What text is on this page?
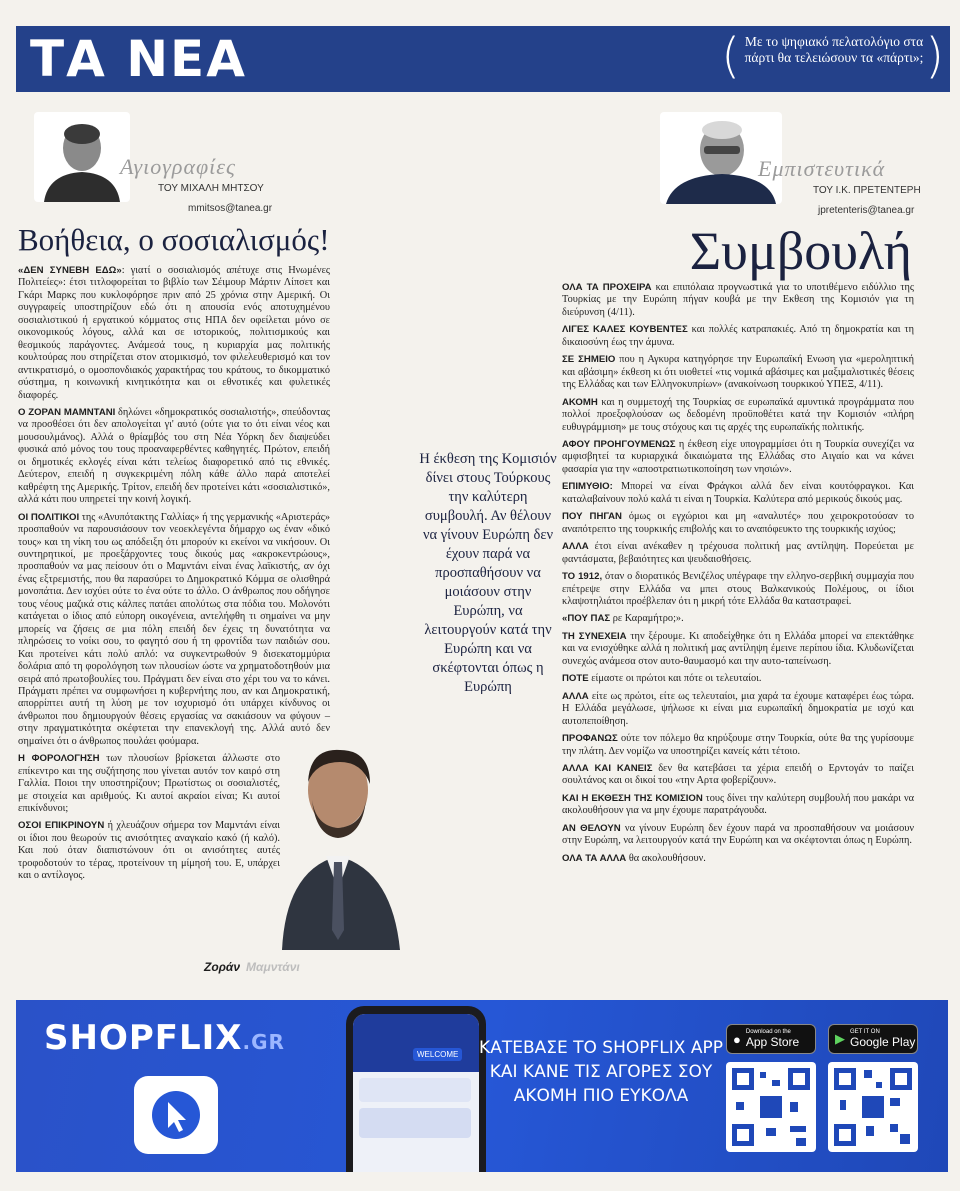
ΤΑ ΝΕΑ	( Με το ψηφιακό πελατολόγιο στα πάρτι θα τελειώσουν τα «πάρτι»; )
Αγιογραφίες
ΤΟΥ ΜΙΧΑΛΗ ΜΗΤΣΟΥ
mmitsos@tanea.gr
Εμπιστευτικά
ΤΟΥ Ι.Κ. ΠΡΕΤΕΝΤΕΡΗ
jpretenteris@tanea.gr
Βοήθεια, ο σοσιαλισμός!	Συμβουλή

«ΔΕΝ ΣΥΝΕΒΗ ΕΔΩ»: γιατί ο σοσιαλισμός απέτυχε στις Ηνωμένες Πολιτείες»: έτσι τιτλοφορείται το βιβλίο των Σέιμουρ Μάρτιν Λίπσετ και Γκάρι Μαρκς που κυκλοφόρησε πριν από 25 χρόνια στην Αμερική. Οι συγγραφείς υποστηρίζουν εδώ ότι η απουσία ενός αποτυχημένου σοσιαλιστικού ή εργατικού κόμματος στις ΗΠΑ δεν οφείλεται μόνο σε οικονομικούς λόγους, αλλά και σε ιστορικούς, πολιτισμικούς και θεσμικούς παράγοντες. Ανάμεσά τους, η κυριαρχία μας πολιτικής κουλτούρας που στηρίζεται στον ατομικισμό, τον φιλελευθερισμό και τον αντικρατισμό, ο ομοσπονδιακός χαρακτήρας του κράτους, το δικομματικό σύστημα, η κοινωνική κινητικότητα και οι εθνοτικές και φυλετικές διαφορές.

Ο ΖΟΡΑΝ ΜΑΜΝΤΑΝΙ δηλώνει «δημοκρατικός σοσιαλιστής», σπεύδοντας να προσθέσει ότι δεν απολογείται γι' αυτό (ούτε για το ότι είναι νέος και μουσουλμάνος). Αλλά ο θρίαμβός του στη Νέα Υόρκη δεν διαψεύδει φυσικά από μόνος του τους προαναφερθέντες καθηγητές. Πρώτον, επειδή οι δημοτικές εκλογές είναι κάτι τελείως διαφορετικό από τις εθνικές. Δεύτερον, επειδή η συγκεκριμένη πόλη κάθε άλλο παρά αποτελεί καθρέφτη της Αμερικής. Τρίτον, επειδή δεν προτείνει κάτι «σοσιαλιστικό», αλλά κάτι που υπηρετεί την κοινή λογική.

ΟΙ ΠΟΛΙΤΙΚΟΙ της «Ανυπότακτης Γαλλίας» ή της γερμανικής «Αριστεράς» προσπαθούν να παρουσιάσουν τον νεοεκλεγέντα δήμαρχο ως έναν «δικό τους» και τη νίκη του ως απόδειξη ότι μπορούν κι εκείνοι να νικήσουν. Οι συντηρητικοί, με προεξάρχοντες τους δικούς μας «ακροκεντρώους», προσπαθούν να μας πείσουν ότι ο Μαμντάνι είναι ένας λαϊκιστής, αν όχι ένας εξτρεμιστής, που θα παρασύρει το Δημοκρατικό Κόμμα σε ολισθηρά μονοπάτια. Δεν ισχύει ούτε το ένα ούτε το άλλο. Ο άνθρωπος που οδήγησε τους νέους μαζικά στις κάλπες πατάει απολύτως στα πόδια του. Μολονότι κατάγεται ο ίδιος από εύπορη οικογένεια, αντελήφθη τι σημαίνει να μην μπορείς να ζήσεις σε μια πόλη επειδή δεν έχεις τη δυνατότητα να πληρώσεις το νοίκι σου, το φαγητό σου ή τη φροντίδα των παιδιών σου. Και προτείνει κάτι πολύ απλό: να συγκεντρωθούν 9 δισεκατομμύρια δολάρια από τη φορολόγηση των πλουσίων ώστε να χρηματοδοτηθούν μια σειρά από πρωτοβουλίες του. Πράγματι δεν είναι στο χέρι του να το κάνει. Πράγματι πρέπει να συμφωνήσει η κυβερνήτης που, αν και Δημοκρατική, απορρίπτει αυτή τη λύση με τον ισχυρισμό ότι υπάρχει κίνδυνος οι άνθρωποι που δημιουργούν θέσεις εργασίας να σακιάσουν να φύγουν – στην πραγματικότητα σκέφτεται την επανεκλογή της. Αλλά αυτό δεν σημαίνει ότι ο άνθρωπος πουλάει φούμαρα.

Η ΦΟΡΟΛΟΓΗΣΗ των πλουσίων βρίσκεται άλλωστε στο επίκεντρο και της συζήτησης που γίνεται αυτόν τον καιρό στη Γαλλία. Ποιοι την υποστηρίζουν; Πρωτίστως οι σοσιαλιστές, με στοιχεία και αριθμούς. Κι αυτοί ακραίοι είναι; Κι αυτοί επικίνδυνοι;

ΟΣΟΙ ΕΠΙΚΡΙΝΟΥΝ ή χλευάζουν σήμερα τον Μαμντάνι είναι οι ίδιοι που θεωρούν τις ανισότητες αναγκαίο κακό (ή καλό). Και πού όταν διαπιστώνουν ότι οι ανισότητες αυτές τροφοδοτούν το τέρας, προτείνουν τη μίμησή του. Ε, υπάρχει και ο αντίλογος.

Ζοράν Μαμντάνι
Η έκθεση της Κομισιόν δίνει στους Τούρκους την καλύτερη συμβουλή. Αν θέλουν να γίνουν Ευρώπη δεν έχουν παρά να προσπαθήσουν να μοιάσουν στην Ευρώπη, να λειτουργούν κατά την Ευρώπη και να σκέφτονται όπως η Ευρώπη

ΟΛΑ ΤΑ ΠΡΟΧΕΙΡΑ και επιπόλαια προγνωστικά για το υποτιθέμενο ειδύλλιο της Τουρκίας με την Ευρώπη πήγαν κουβά με την Εκθεση της Κομισιόν για τη διεύρυνση (4/11).

ΛΙΓΕΣ ΚΑΛΕΣ ΚΟΥΒΕΝΤΕΣ και πολλές κατραπακιές. Από τη δημοκρατία και τη δικαιοσύνη έως την άμυνα.

ΣΕ ΣΗΜΕΙΟ που η Αγκυρα κατηγόρησε την Ευρωπαϊκή Ενωση για «μεροληπτική και αβάσιμη» έκθεση κι ότι υιοθετεί «τις νομικά αβάσιμες και μαξιμαλιστικές θέσεις της Ελλάδας και των Ελληνοκυπρίων» (ανακοίνωση τουρκικού ΥΠΕΞ, 4/11).

ΑΚΟΜΗ και η συμμετοχή της Τουρκίας σε ευρωπαϊκά αμυντικά προγράμματα που πολλοί προεξοφλούσαν ως δεδομένη προϋποθέτει κατά την Κομισιόν «πλήρη ευθυγράμμιση» με τους στόχους και τις αρχές της ευρωπαϊκής πολιτικής.

ΑΦΟΥ ΠΡΟΗΓΟΥΜΕΝΩΣ η έκθεση είχε υπογραμμίσει ότι η Τουρκία συνεχίζει να αμφισβητεί τα κυριαρχικά δικαιώματα της Ελλάδας στο Αιγαίο και να κάνει φασαρία για την «αποστρατιωτικοποίηση των νησιών».

ΕΠΙΜΥΘΙΟ: Μπορεί να είναι Φράγκοι αλλά δεν είναι κουτόφραγκοι. Και καταλαβαίνουν πολύ καλά τι είναι η Τουρκία. Καλύτερα από μερικούς δικούς μας.

ΠΟΥ ΠΗΓΑΝ όμως οι εγχώριοι και μη «αναλυτές» που χειροκροτούσαν το αναπότρεπτο της τουρκικής επιβολής και το αναπόφευκτο της τουρκικής ισχύος;

ΑΛΛΑ έτσι είναι ανέκαθεν η τρέχουσα πολιτική μας αντίληψη. Πορεύεται με φαντάσματα, βεβαιότητες και ψευδαισθήσεις.

ΤΟ 1912, όταν ο διορατικός Βενιζέλος υπέγραφε την ελληνο-σερβική συμμαχία που επέτρεψε στην Ελλάδα να μπει στους Βαλκανικούς Πολέμους, οι ίδιοι κλαψοτηλιάτοι προέβλεπαν ότι η μικρή τότε Ελλάδα θα καταστραφεί.

«ΠΟΥ ΠΑΣ ρε Καραμήτρο;».

ΤΗ ΣΥΝΕΧΕΙΑ την ξέρουμε. Κι αποδείχθηκε ότι η Ελλάδα μπορεί να επεκτάθηκε και να ενισχύθηκε αλλά η πολιτική μας αντίληψη έμεινε περίπου ίδια. Κλυδωνίζεται συνεχώς ανάμεσα στον αυτο-θαυμασμό και την αυτο-ταπείνωση.

ΠΟΤΕ είμαστε οι πρώτοι και πότε οι τελευταίοι.

ΑΛΛΑ είτε ως πρώτοι, είτε ως τελευταίοι, μια χαρά τα έχουμε καταφέρει έως τώρα. Η Ελλάδα μεγάλωσε, ψήλωσε κι είναι μια ευρωπαϊκή δημοκρατία με ισχύ και αυτοπεποίθηση.

ΠΡΟΦΑΝΩΣ ούτε τον πόλεμο θα κηρύξουμε στην Τουρκία, ούτε θα της γυρίσουμε την πλάτη. Δεν νομίζω να υποστηρίζει κανείς κάτι τέτοιο.

ΑΛΛΑ ΚΑΙ ΚΑΝΕΙΣ δεν θα κατεβάσει τα χέρια επειδή ο Ερντογάν το παίζει σουλτάνος και οι δικοί του «την Αρτα φοβερίζουν».

ΚΑΙ Η ΕΚΘΕΣΗ ΤΗΣ ΚΟΜΙΣΙΟΝ τους δίνει την καλύτερη συμβουλή που μακάρι να ακολουθήσουν για να μην έχουμε παρατράγουδα.

ΑΝ ΘΕΛΟΥΝ να γίνουν Ευρώπη δεν έχουν παρά να προσπαθήσουν να μοιάσουν στην Ευρώπη, να λειτουργούν κατά την Ευρώπη και να σκέφτονται όπως η Ευρώπη.

ΟΛΑ ΤΑ ΑΛΛΑ θα ακολουθήσουν.

SHOPFLIX.GR
WELCOME ΚΑΤΕΒΑΣΕ ΤΟ SHOPFLIX APP ΚΑΙ ΚΑΝΕ ΤΙΣ ΑΓΟΡΕΣ ΣΟΥ ΑΚΟΜΗ ΠΙΟ ΕΥΚΟΛΑ
● Download on the
App Store	▶ GET IT ON
Google Play
